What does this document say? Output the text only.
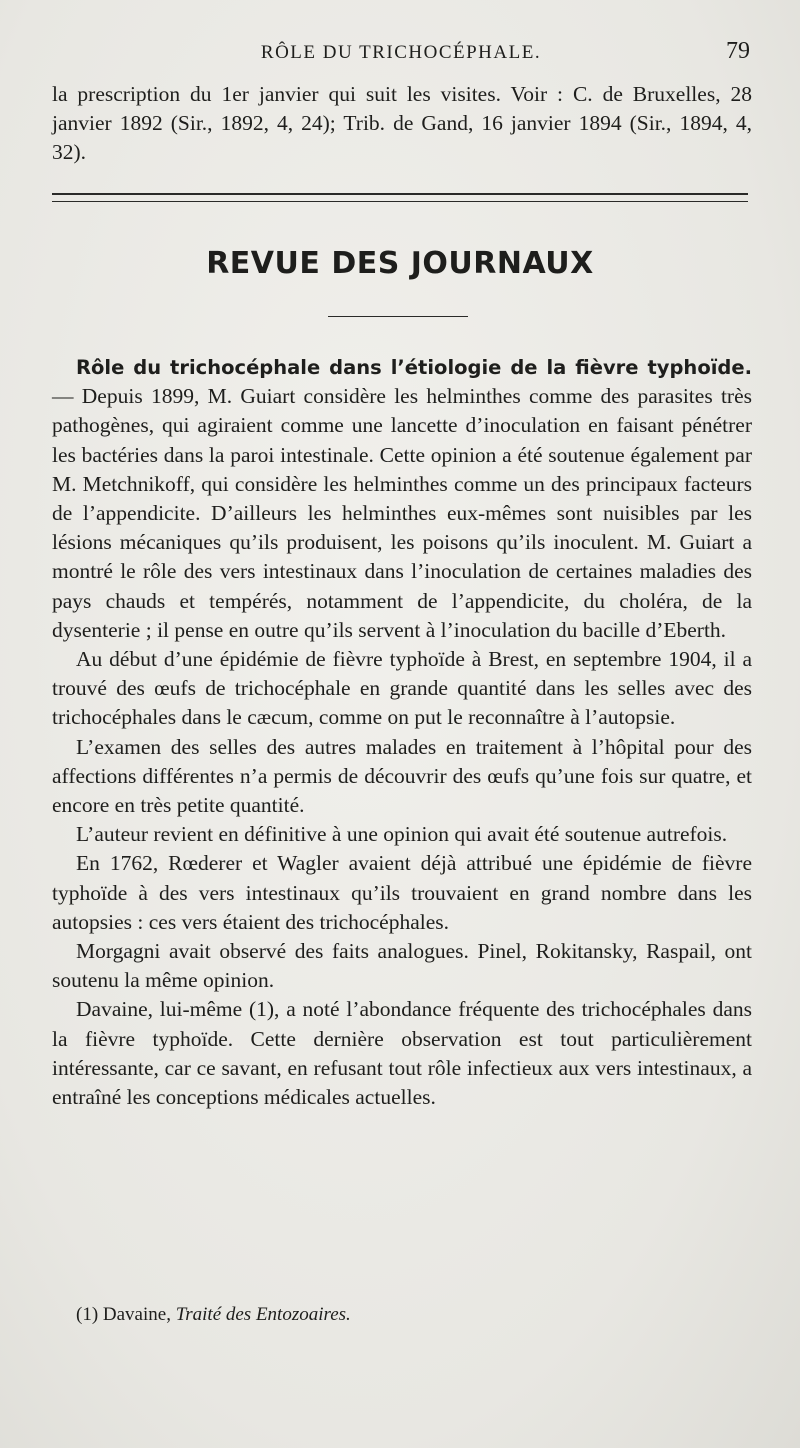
RÔLE DU TRICHOCÉPHALE.	79

la prescription du 1er janvier qui suit les visites. Voir : C. de Bruxelles, 28 janvier 1892 (Sir., 1892, 4, 24); Trib. de Gand, 16 janvier 1894 (Sir., 1894, 4, 32).

REVUE DES JOURNAUX

Rôle du trichocéphale dans l’étiologie de la fièvre typhoïde. — Depuis 1899, M. Guiart considère les helminthes comme des parasites très pathogènes, qui agiraient comme une lancette d’inoculation en faisant pénétrer les bactéries dans la paroi intestinale. Cette opinion a été soutenue également par M. Metchnikoff, qui considère les helminthes comme un des principaux facteurs de l’appendicite. D’ailleurs les helminthes eux-mêmes sont nuisibles par les lésions mécaniques qu’ils produisent, les poisons qu’ils inoculent. M. Guiart a montré le rôle des vers intestinaux dans l’inoculation de certaines maladies des pays chauds et tempérés, notamment de l’appendicite, du choléra, de la dysenterie ; il pense en outre qu’ils servent à l’inoculation du bacille d’Eberth.

Au début d’une épidémie de fièvre typhoïde à Brest, en septembre 1904, il a trouvé des œufs de trichocéphale en grande quantité dans les selles avec des trichocéphales dans le cæcum, comme on put le reconnaître à l’autopsie.

L’examen des selles des autres malades en traitement à l’hôpital pour des affections différentes n’a permis de découvrir des œufs qu’une fois sur quatre, et encore en très petite quantité.

L’auteur revient en définitive à une opinion qui avait été soutenue autrefois.

En 1762, Rœderer et Wagler avaient déjà attribué une épidémie de fièvre typhoïde à des vers intestinaux qu’ils trouvaient en grand nombre dans les autopsies : ces vers étaient des trichocéphales.

Morgagni avait observé des faits analogues. Pinel, Rokitansky, Raspail, ont soutenu la même opinion.

Davaine, lui-même (1), a noté l’abondance fréquente des trichocéphales dans la fièvre typhoïde. Cette dernière observation est tout particulièrement intéressante, car ce savant, en refusant tout rôle infectieux aux vers intestinaux, a entraîné les conceptions médicales actuelles.

(1) Davaine, Traité des Entozoaires.
